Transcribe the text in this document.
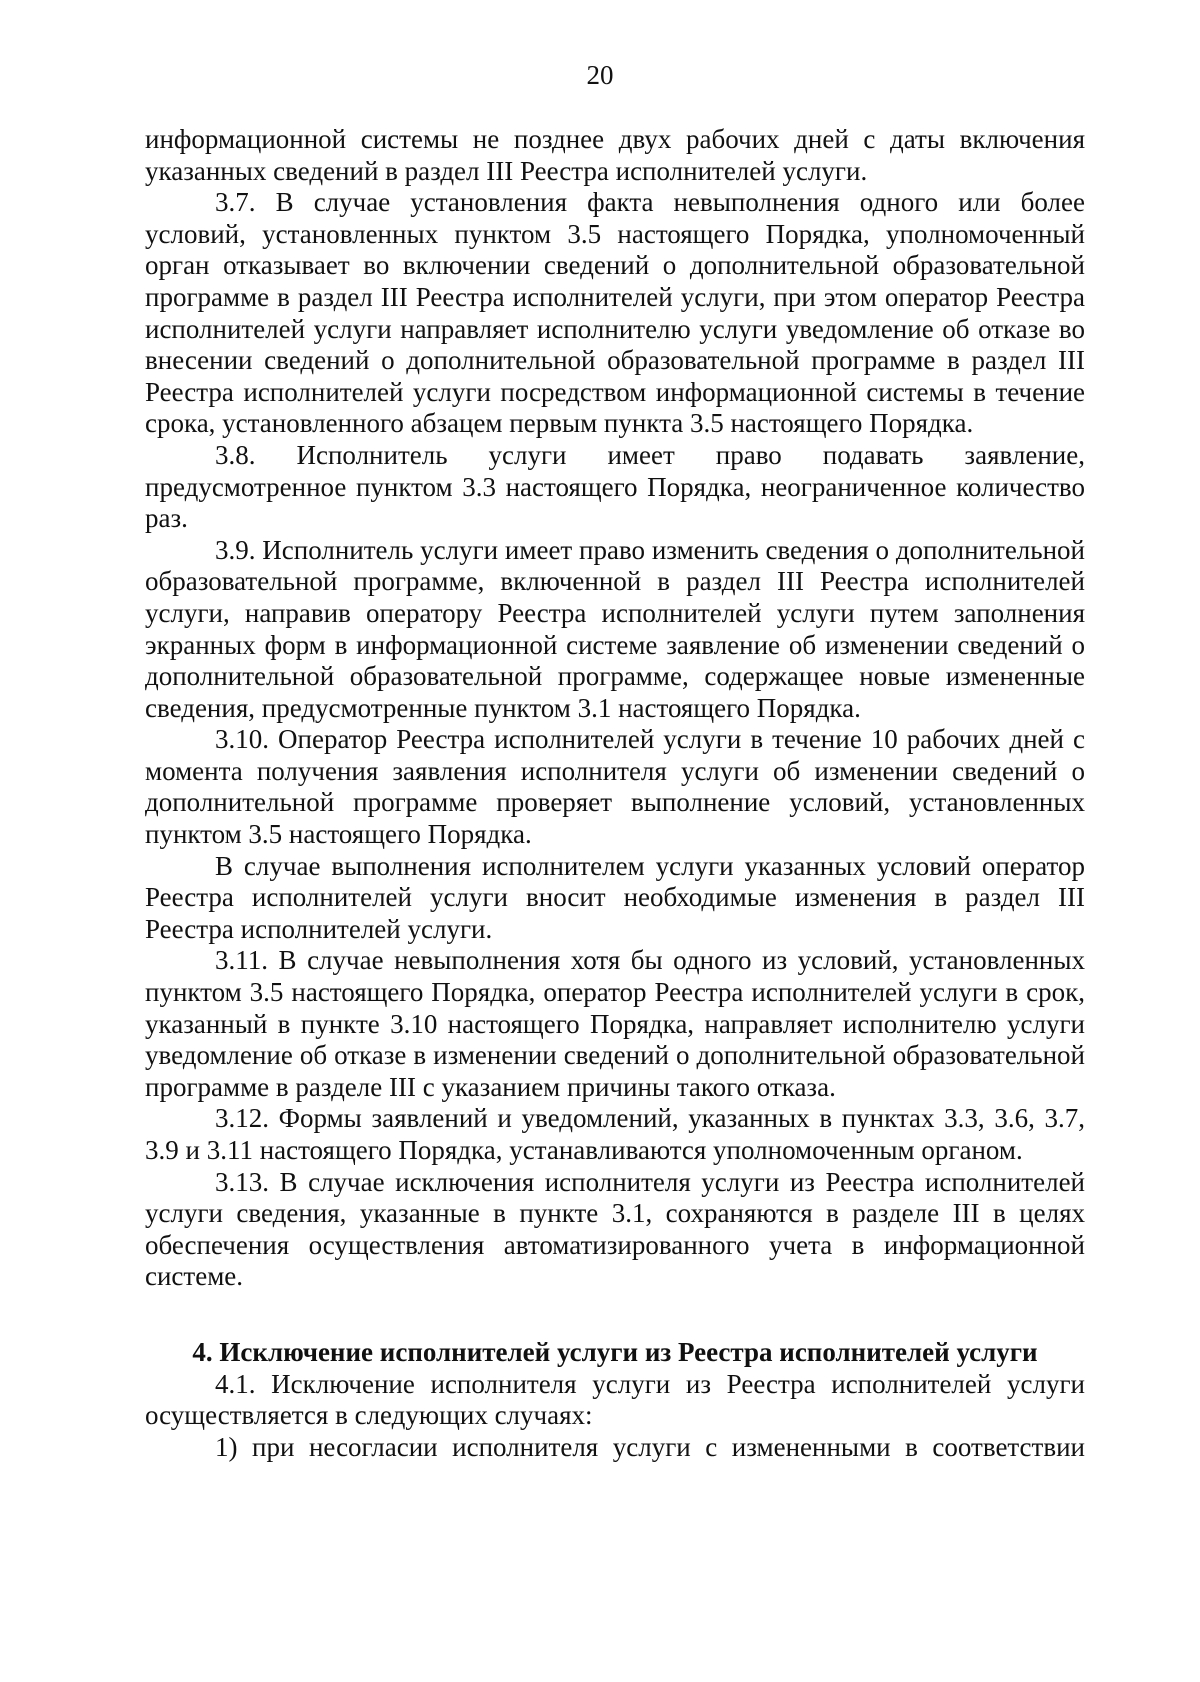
20

информационной системы не позднее двух рабочих дней с даты включения указанных сведений в раздел III Реестра исполнителей услуги.

3.7. В случае установления факта невыполнения одного или более условий, установленных пунктом 3.5 настоящего Порядка, уполномоченный орган отказывает во включении сведений о дополнительной образовательной программе в раздел III Реестра исполнителей услуги, при этом оператор Реестра исполнителей услуги направляет исполнителю услуги уведомление об отказе во внесении сведений о дополнительной образовательной программе в раздел III Реестра исполнителей услуги посредством информационной системы в течение срока, установленного абзацем первым пункта 3.5 настоящего Порядка.

3.8. Исполнитель услуги имеет право подавать заявление, предусмотренное пунктом 3.3 настоящего Порядка, неограниченное количество раз.

3.9. Исполнитель услуги имеет право изменить сведения о дополнительной образовательной программе, включенной в раздел III Реестра исполнителей услуги, направив оператору Реестра исполнителей услуги путем заполнения экранных форм в информационной системе заявление об изменении сведений о дополнительной образовательной программе, содержащее новые измененные сведения, предусмотренные пунктом 3.1 настоящего Порядка.

3.10. Оператор Реестра исполнителей услуги в течение 10 рабочих дней с момента получения заявления исполнителя услуги об изменении сведений о дополнительной программе проверяет выполнение условий, установленных пунктом 3.5 настоящего Порядка.

В случае выполнения исполнителем услуги указанных условий оператор Реестра исполнителей услуги вносит необходимые изменения в раздел III Реестра исполнителей услуги.

3.11. В случае невыполнения хотя бы одного из условий, установленных пунктом 3.5 настоящего Порядка, оператор Реестра исполнителей услуги в срок, указанный в пункте 3.10 настоящего Порядка, направляет исполнителю услуги уведомление об отказе в изменении сведений о дополнительной образовательной программе в разделе III с указанием причины такого отказа.

3.12. Формы заявлений и уведомлений, указанных в пунктах 3.3, 3.6, 3.7, 3.9 и 3.11 настоящего Порядка, устанавливаются уполномоченным органом.

3.13. В случае исключения исполнителя услуги из Реестра исполнителей услуги сведения, указанные в пункте 3.1, сохраняются в разделе III в целях обеспечения осуществления автоматизированного учета в информационной системе.

4. Исключение исполнителей услуги из Реестра исполнителей услуги

4.1. Исключение исполнителя услуги из Реестра исполнителей услуги осуществляется в следующих случаях:

1) при несогласии исполнителя услуги с измененными в соответствии
